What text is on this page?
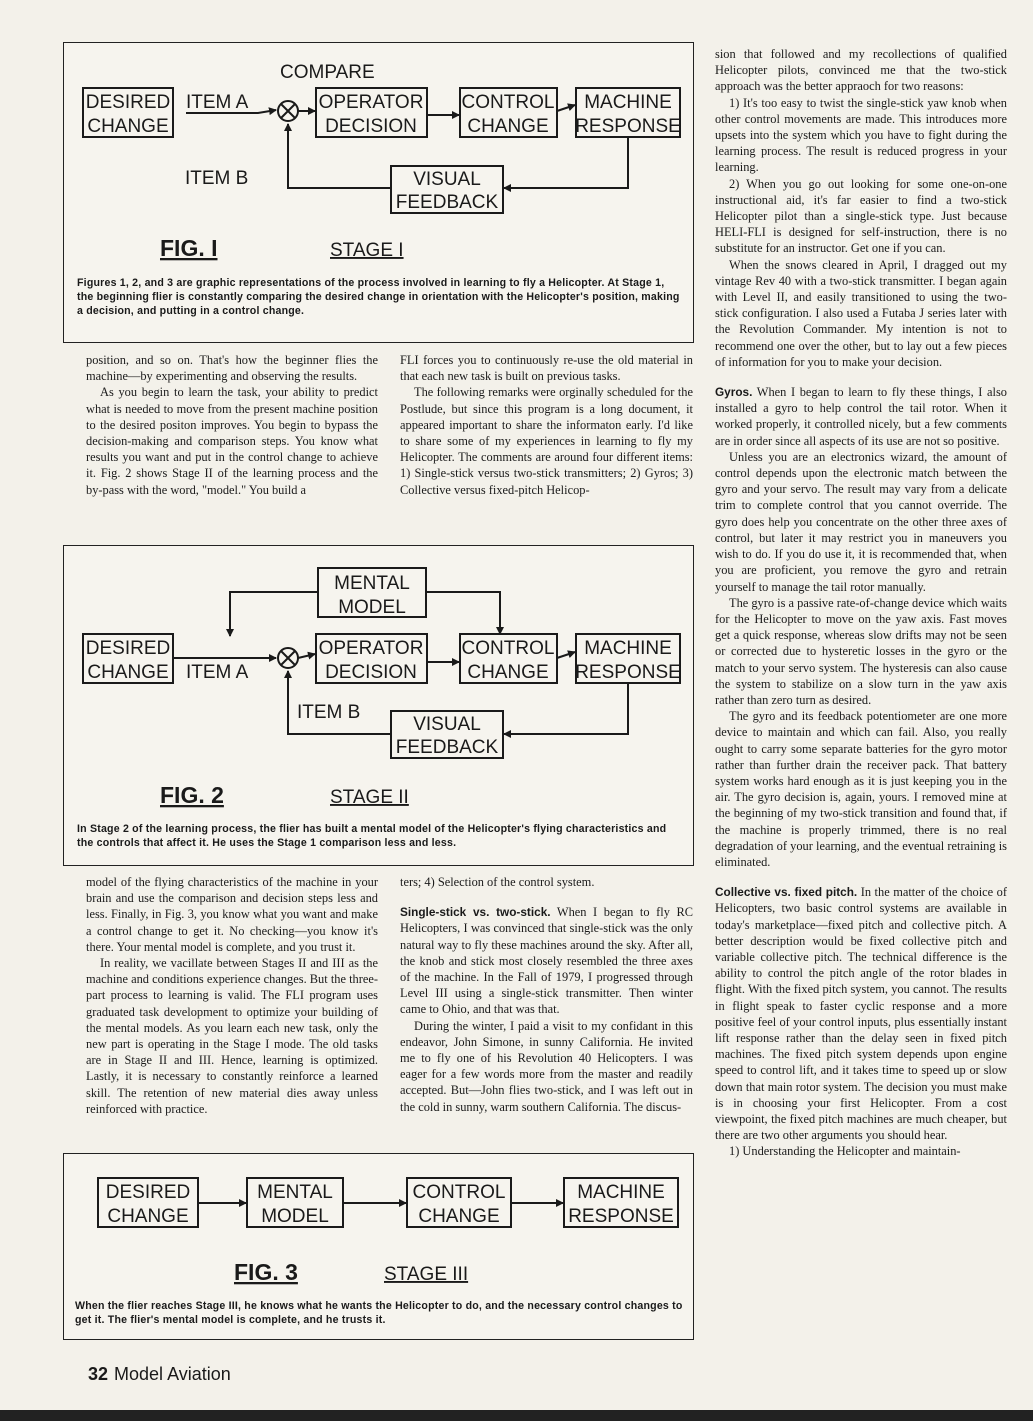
COMPARE
DESIRED
CHANGE
ITEM A	OPERATOR
DECISION
CONTROL
CHANGE
MACHINE
RESPONSE
VISUAL
FEEDBACK
ITEM B
FIG. I	STAGE I
Figures 1, 2, and 3 are graphic representations of the process involved in learning to fly a Helicopter. At Stage 1, the beginning flier is constantly comparing the desired change in orientation with the Helicopter's position, making a decision, and putting in a control change.

position, and so on. That's how the beginner flies the machine—by experimenting and observing the results.

As you begin to learn the task, your ability to predict what is needed to move from the present machine position to the desired positon improves. You begin to bypass the decision-making and comparison steps. You know what results you want and put in the control change to achieve it. Fig. 2 shows Stage II of the learning process and the by-pass with the word, "model." You build a

FLI forces you to continuously re-use the old material in that each new task is built on previous tasks.

The following remarks were orginally scheduled for the Postlude, but since this program is a long document, it appeared important to share the informaton early. I'd like to share some of my experiences in learning to fly my Helicopter. The comments are around four different items: 1) Single-stick versus two-stick transmitters; 2) Gyros; 3) Collective versus fixed-pitch Helicop-

MENTAL
MODEL
DESIRED
CHANGE ITEM A
OPERATOR
DECISION
CONTROL
CHANGE
MACHINE
RESPONSE
VISUAL
FEEDBACK
ITEM B
FIG. 2	STAGE II
In Stage 2 of the learning process, the flier has built a mental model of the Helicopter's flying characteristics and the controls that affect it. He uses the Stage 1 comparison less and less.

model of the flying characteristics of the machine in your brain and use the comparison and decision steps less and less. Finally, in Fig. 3, you know what you want and make a control change to get it. No checking—you know it's there. Your mental model is complete, and you trust it.

In reality, we vacillate between Stages II and III as the machine and conditions experience changes. But the three-part process to learning is valid. The FLI program uses graduated task development to optimize your building of the mental models. As you learn each new task, only the new part is operating in the Stage I mode. The old tasks are in Stage II and III. Hence, learning is optimized. Lastly, it is necessary to constantly reinforce a learned skill. The retention of new material dies away unless reinforced with practice.

ters; 4) Selection of the control system.

Single-stick vs. two-stick. When I began to fly RC Helicopters, I was convinced that single-stick was the only natural way to fly these machines around the sky. After all, the knob and stick most closely resembled the three axes of the machine. In the Fall of 1979, I progressed through Level III using a single-stick transmitter. Then winter came to Ohio, and that was that.

During the winter, I paid a visit to my confidant in this endeavor, John Simone, in sunny California. He invited me to fly one of his Revolution 40 Helicopters. I was eager for a few words more from the master and readily accepted. But—John flies two-stick, and I was left out in the cold in sunny, warm southern California. The discus-

DESIRED
CHANGE
MENTAL
MODEL
CONTROL
CHANGE
MACHINE
RESPONSE
FIG. 3	STAGE III
When the flier reaches Stage III, he knows what he wants the Helicopter to do, and the necessary control changes to get it. The flier's mental model is complete, and he trusts it.

sion that followed and my recollections of qualified Helicopter pilots, convinced me that the two-stick approach was the better appraoch for two reasons:

1) It's too easy to twist the single-stick yaw knob when other control movements are made. This introduces more upsets into the system which you have to fight during the learning process. The result is reduced progress in your learning.

2) When you go out looking for some one-on-one instructional aid, it's far easier to find a two-stick Helicopter pilot than a single-stick type. Just because HELI-FLI is designed for self-instruction, there is no substitute for an instructor. Get one if you can.

When the snows cleared in April, I dragged out my vintage Rev 40 with a two-stick transmitter. I began again with Level II, and easily transitioned to using the two-stick configuration. I also used a Futaba J series later with the Revolution Commander. My intention is not to recommend one over the other, but to lay out a few pieces of information for you to make your decision.

Gyros. When I began to learn to fly these things, I also installed a gyro to help control the tail rotor. When it worked properly, it controlled nicely, but a few comments are in order since all aspects of its use are not so positive.

Unless you are an electronics wizard, the amount of control depends upon the electronic match between the gyro and your servo. The result may vary from a delicate trim to complete control that you cannot override. The gyro does help you concentrate on the other three axes of control, but later it may restrict you in maneuvers you wish to do. If you do use it, it is recommended that, when you are proficient, you remove the gyro and retrain yourself to manage the tail rotor manually.

The gyro is a passive rate-of-change device which waits for the Helicopter to move on the yaw axis. Fast moves get a quick response, whereas slow drifts may not be seen or corrected due to hysteretic losses in the gyro or the match to your servo system. The hysteresis can also cause the system to stabilize on a slow turn in the yaw axis rather than zero turn as desired.

The gyro and its feedback potentiometer are one more device to maintain and which can fail. Also, you really ought to carry some separate batteries for the gyro motor rather than further drain the receiver pack. That battery system works hard enough as it is just keeping you in the air. The gyro decision is, again, yours. I removed mine at the beginning of my two-stick transition and found that, if the machine is properly trimmed, there is no real degradation of your learning, and the eventual retraining is eliminated.

Collective vs. fixed pitch. In the matter of the choice of Helicopters, two basic control systems are available in today's marketplace—fixed pitch and collective pitch. A better description would be fixed collective pitch and variable collective pitch. The technical difference is the ability to control the pitch angle of the rotor blades in flight. With the fixed pitch system, you cannot. The results in flight speak to faster cyclic response and a more positive feel of your control inputs, plus essentially instant lift response rather than the delay seen in fixed pitch machines. The fixed pitch system depends upon engine speed to control lift, and it takes time to speed up or slow down that main rotor system. The decision you must make is in choosing your first Helicopter. From a cost viewpoint, the fixed pitch machines are much cheaper, but there are two other arguments you should hear.

1) Understanding the Helicopter and maintain-

32 Model Aviation
